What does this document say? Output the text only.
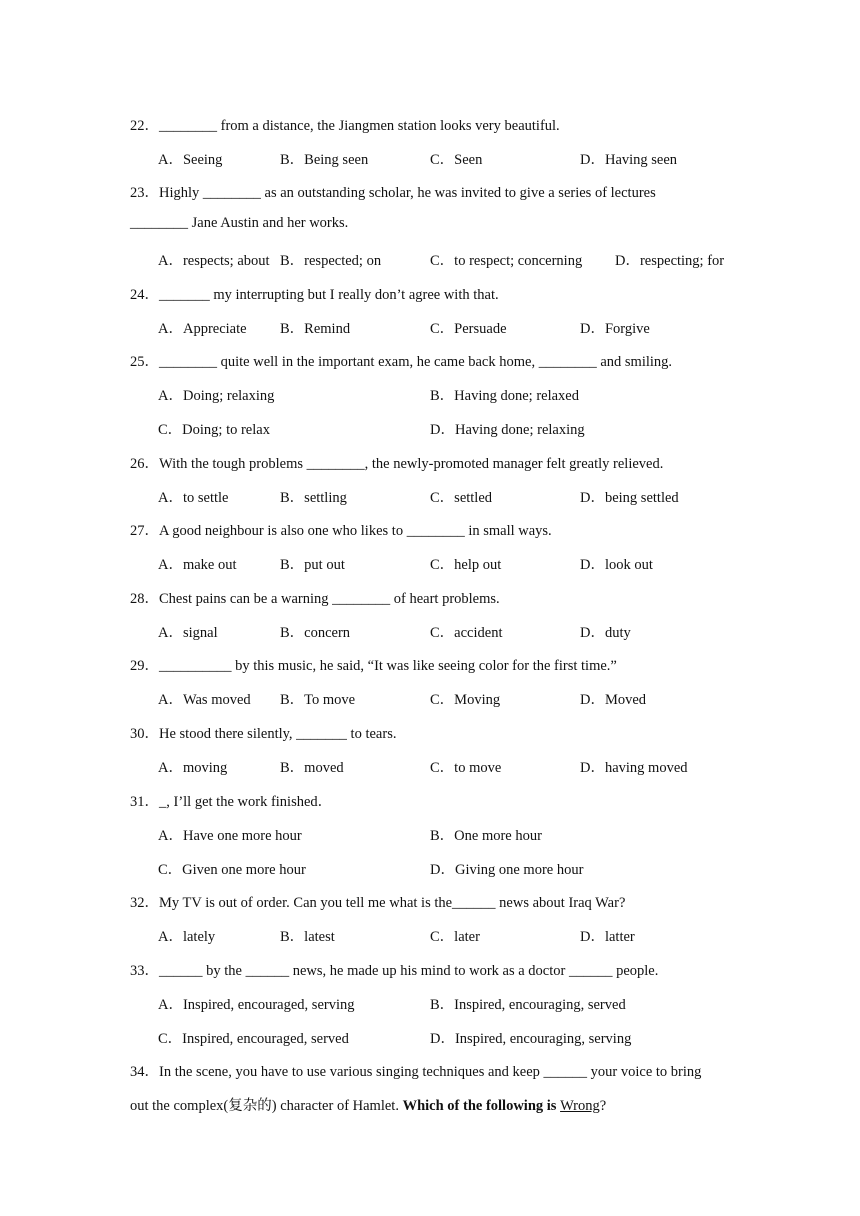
22．________ from a distance, the Jiangmen station looks very beautiful.
A．Seeing	B．Being seen	C．Seen	D．Having seen
23．Highly ________ as an outstanding scholar, he was invited to give a series of lectures
________ Jane Austin and her works.
A．respects; about B．respected; on	C．to respect; concerning D．respecting; for
24．_______ my interrupting but I really don’t agree with that.
A．Appreciate B．Remind	C．Persuade	D．Forgive
25．________ quite well in the important exam, he came back home, ________ and smiling.
A．Doing; relaxing	B．Having done; relaxed
C．Doing; to relax	D．Having done; relaxing
26．With the tough problems ________, the newly-promoted manager felt greatly relieved.
A．to settle	B．settling	C．settled	D．being settled
27．A good neighbour is also one who likes to ________ in small ways.
A．make out	B．put out	C．help out	D．look out
28．Chest pains can be a warning ________ of heart problems.
A．signal	B．concern	C．accident	D．duty
29．__________ by this music, he said, “It was like seeing color for the first time.”
A．Was moved B．To move	C．Moving	D．Moved
30．He stood there silently, _______ to tears.
A．moving	B．moved	C．to move	D．having moved
31．_, I’ll get the work finished．
A．Have one more hour	B．One more hour
C．Given one more hour	D．Giving one more hour
32．My TV is out of order. Can you tell me what is the______ news about Iraq War?
A．lately	B．latest	C．later	D．latter
33．______ by the ______ news, he made up his mind to work as a doctor ______ people.
A．Inspired, encouraged, serving	B．Inspired, encouraging, served
C．Inspired, encouraged, served	D．Inspired, encouraging, serving
34．In the scene, you have to use various singing techniques and keep ______ your voice to bring
out the complex(复杂的) character of Hamlet. Which of the following is Wrong?
